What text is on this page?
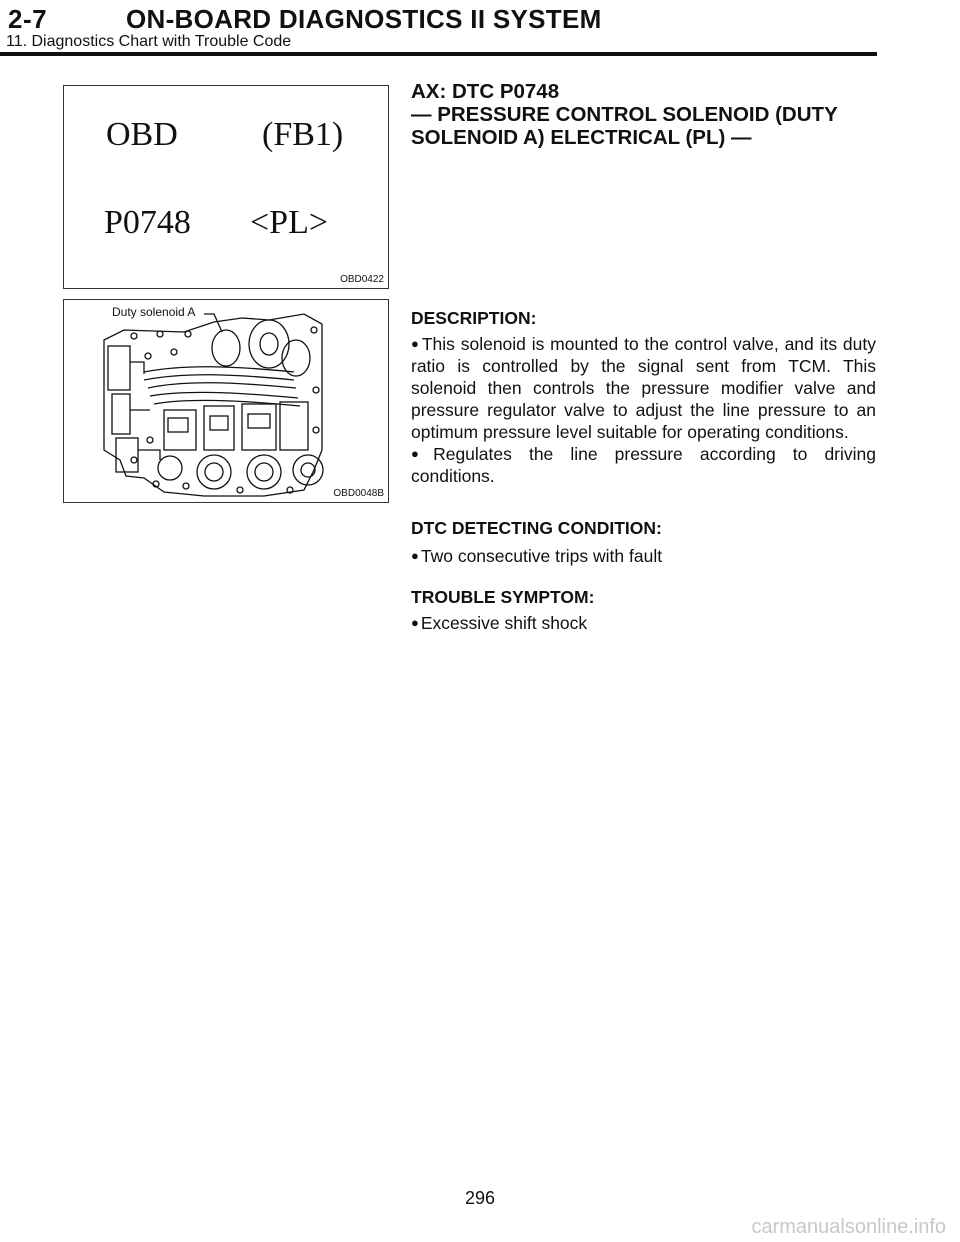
2-7	ON-BOARD DIAGNOSTICS II SYSTEM
11. Diagnostics Chart with Trouble Code
OBD (FB1)
P0748 <PL>
OBD0422
Duty solenoid A
OBD0048B
AX: DTC P0748
— PRESSURE CONTROL SOLENOID (DUTY
SOLENOID A) ELECTRICAL (PL) —
DESCRIPTION:
● This solenoid is mounted to the control valve, and its duty ratio is controlled by the signal sent from TCM. This solenoid then controls the pressure modifier valve and pressure regulator valve to adjust the line pressure to an optimum pressure level suitable for operating conditions.
● Regulates the line pressure according to driving conditions.
DTC DETECTING CONDITION:
● Two consecutive trips with fault
TROUBLE SYMPTOM:
● Excessive shift shock
296
carmanualsonline.info
